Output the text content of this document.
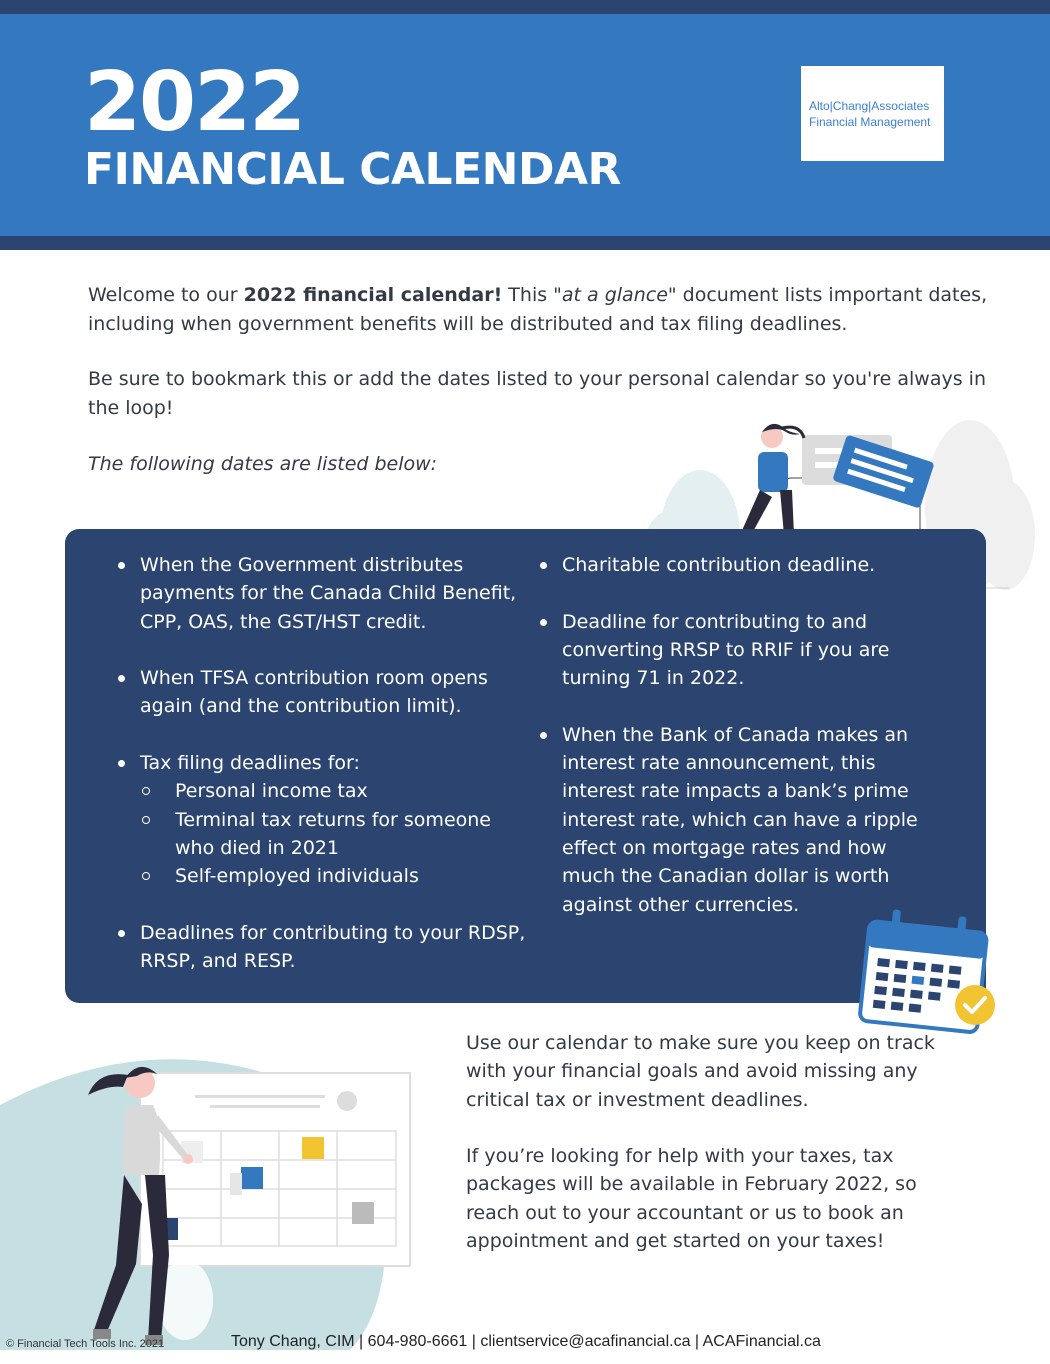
2022
FINANCIAL CALENDAR
Alto|Chang|Associates
Financial Management
Welcome to our 2022 financial calendar! This "at a glance" document lists important dates, including when government benefits will be distributed and tax filing deadlines.
Be sure to bookmark this or add the dates listed to your personal calendar so you're always in the loop!
The following dates are listed below:
When the Government distributes payments for the Canada Child Benefit, CPP, OAS, the GST/HST credit.
When TFSA contribution room opens again (and the contribution limit).
Tax filing deadlines for:
Personal income tax
Terminal tax returns for someone who died in 2021
Self-employed individuals
Deadlines for contributing to your RDSP, RRSP, and RESP.
Charitable contribution deadline.
Deadline for contributing to and converting RRSP to RRIF if you are turning 71 in 2022.
When the Bank of Canada makes an interest rate announcement, this interest rate impacts a bank’s prime interest rate, which can have a ripple effect on mortgage rates and how much the Canadian dollar is worth against other currencies.
Use our calendar to make sure you keep on track with your financial goals and avoid missing any critical tax or investment deadlines.
If you’re looking for help with your taxes, tax packages will be available in February 2022, so reach out to your accountant or us to book an appointment and get started on your taxes!
© Financial Tech Tools Inc. 2021	Tony Chang, CIM | 604-980-6661 | clientservice@acafinancial.ca | ACAFinancial.ca
